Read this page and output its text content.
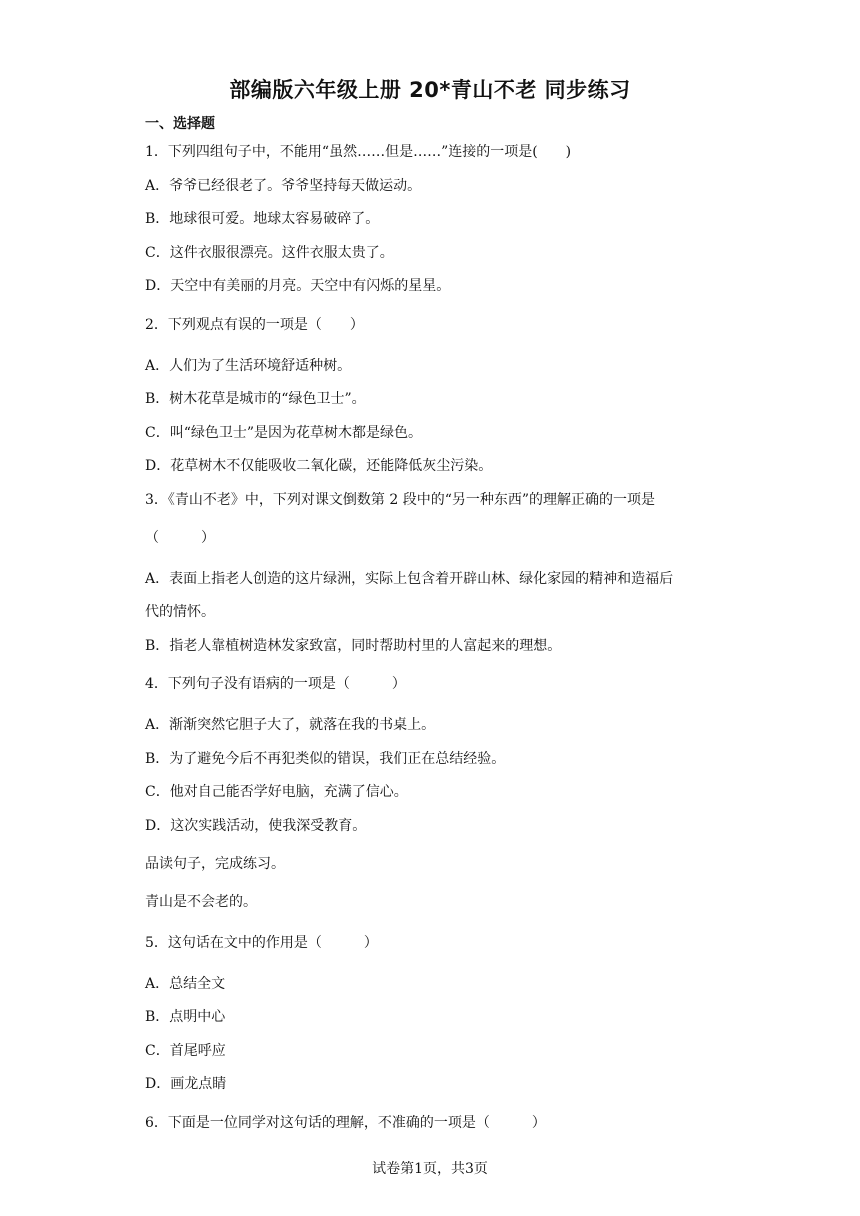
部编版六年级上册 20*青山不老 同步练习
一、选择题
1．下列四组句子中，不能用“虽然……但是……”连接的一项是(　　)
A．爷爷已经很老了。爷爷坚持每天做运动。
B．地球很可爱。地球太容易破碎了。
C．这件衣服很漂亮。这件衣服太贵了。
D．天空中有美丽的月亮。天空中有闪烁的星星。
2．下列观点有误的一项是（　　）
A．人们为了生活环境舒适种树。
B．树木花草是城市的“绿色卫士”。
C．叫“绿色卫士”是因为花草树木都是绿色。
D．花草树木不仅能吸收二氧化碳，还能降低灰尘污染。
3．《青山不老》中，下列对课文倒数第 2 段中的“另一种东西”的理解正确的一项是
（　　　）
A．表面上指老人创造的这片绿洲，实际上包含着开辟山林、绿化家园的精神和造福后
代的情怀。
B．指老人靠植树造林发家致富，同时帮助村里的人富起来的理想。
4．下列句子没有语病的一项是（　　　）
A．渐渐突然它胆子大了，就落在我的书桌上。
B．为了避免今后不再犯类似的错误，我们正在总结经验。
C．他对自己能否学好电脑，充满了信心。
D．这次实践活动，使我深受教育。
品读句子，完成练习。
青山是不会老的。
5．这句话在文中的作用是（　　　）
A．总结全文
B．点明中心
C．首尾呼应
D．画龙点睛
6．下面是一位同学对这句话的理解，不准确的一项是（　　　）
试卷第1页，共3页
